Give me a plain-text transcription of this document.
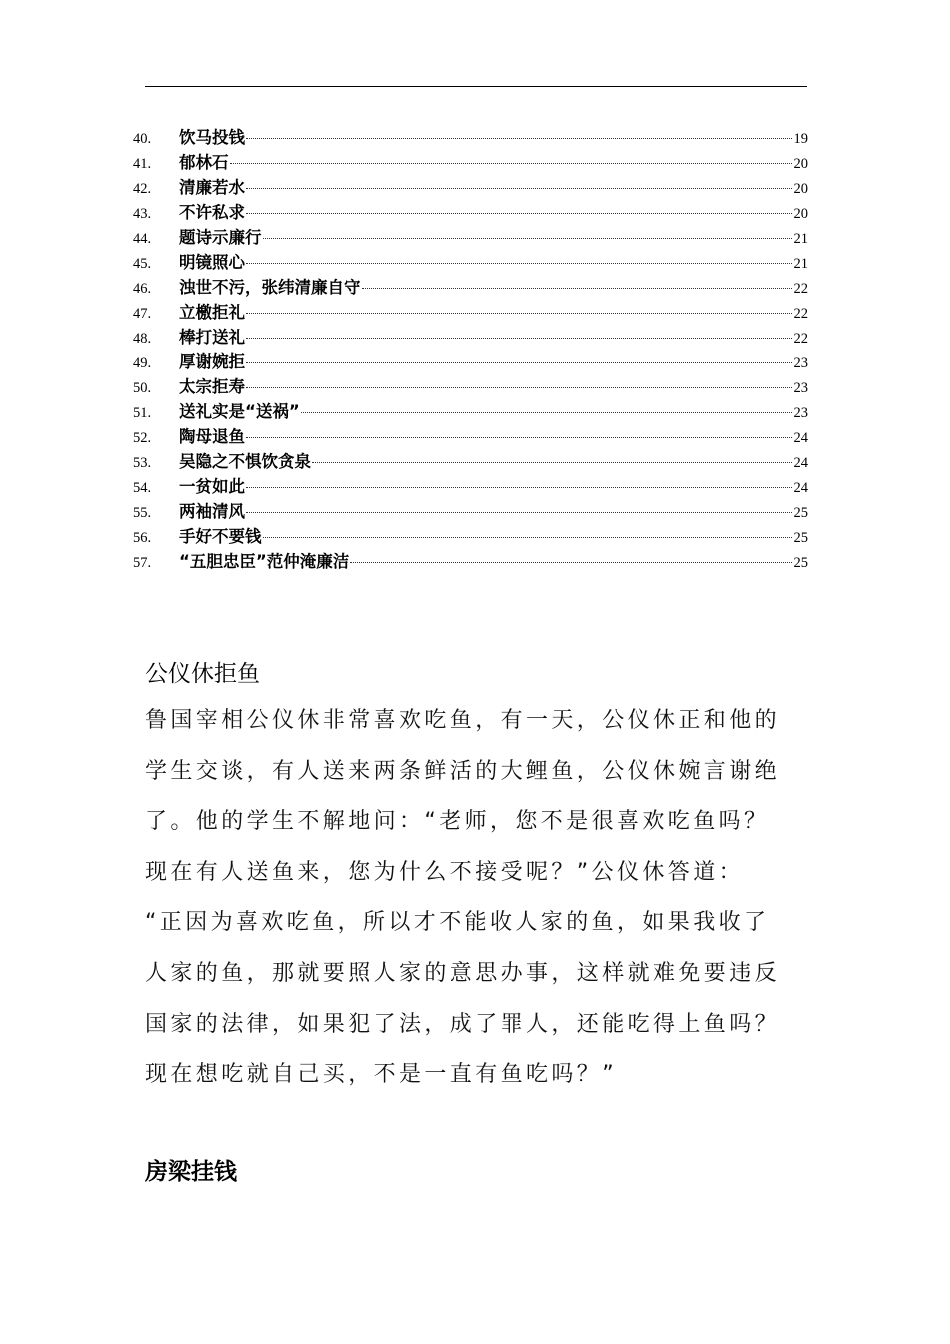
40.	饮马投钱	19
41.	郁林石	20
42.	清廉若水	20
43.	不许私求	20
44.	题诗示廉行	21
45.	明镜照心	21
46.	浊世不污，张纬清廉自守	22
47.	立檄拒礼	22
48.	棒打送礼	22
49.	厚谢婉拒	23
50.	太宗拒寿	23
51.	送礼实是“送祸”	23
52.	陶母退鱼	24
53.	吴隐之不惧饮贪泉	24
54.	一贫如此	24
55.	两袖清风	25
56.	手好不要钱	25
57.	“五胆忠臣”范仲淹廉洁	25
公仪休拒鱼
鲁国宰相公仪休非常喜欢吃鱼，有一天，公仪休正和他的
学生交谈，有人送来两条鲜活的大鲤鱼，公仪休婉言谢绝
了。他的学生不解地问：“老师，您不是很喜欢吃鱼吗？
现在有人送鱼来，您为什么不接受呢？”公仪休答道：
“正因为喜欢吃鱼，所以才不能收人家的鱼，如果我收了
人家的鱼，那就要照人家的意思办事，这样就难免要违反
国家的法律，如果犯了法，成了罪人，还能吃得上鱼吗？
现在想吃就自己买，不是一直有鱼吃吗？”
房梁挂钱
